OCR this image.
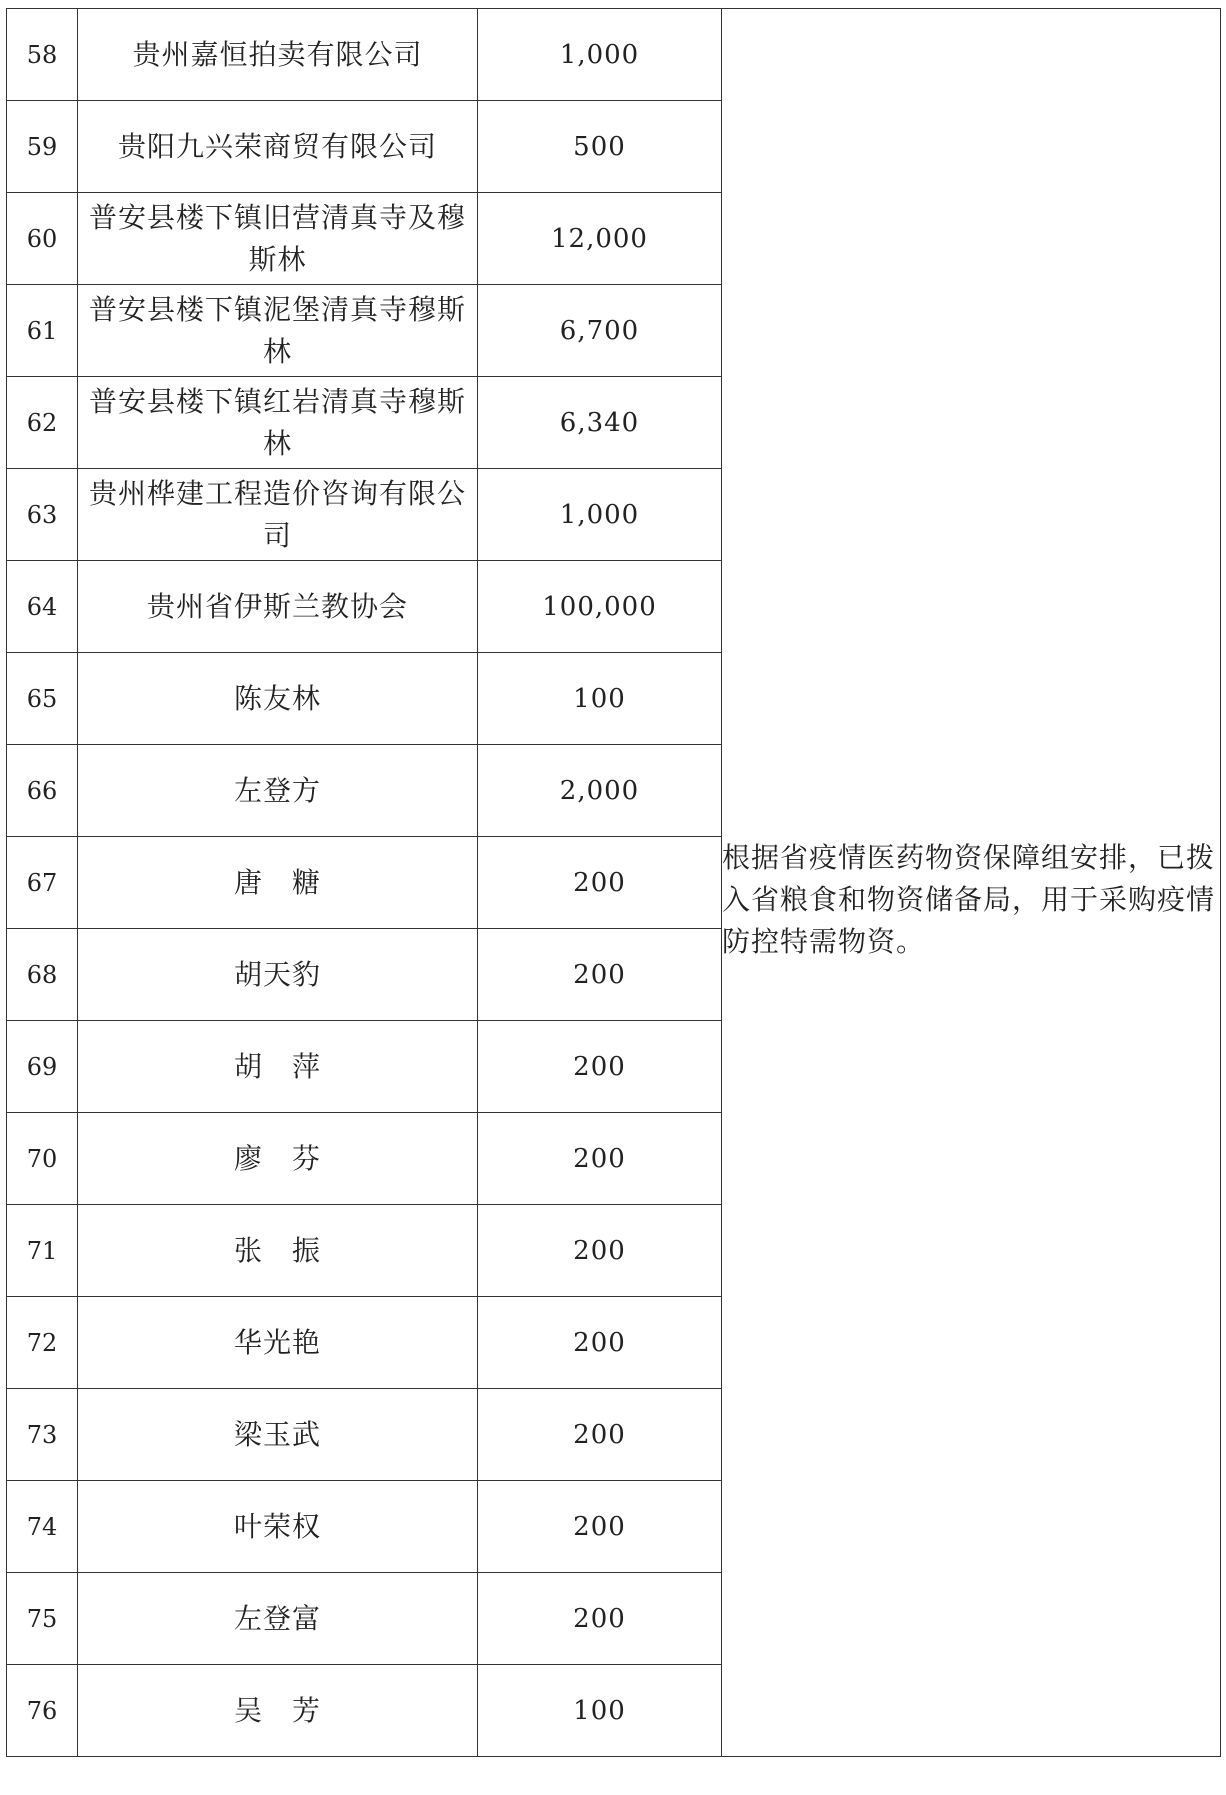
58	贵州嘉恒拍卖有限公司	1,000	根据省疫情医药物资保障组安排，已拨入省粮食和物资储备局，用于采购疫情防控特需物资。

59	贵阳九兴荣商贸有限公司	500	
60	普安县楼下镇旧营清真寺及穆斯林	12,000	
61	普安县楼下镇泥堡清真寺穆斯林	6,700	
62	普安县楼下镇红岩清真寺穆斯林	6,340	
63	贵州桦建工程造价咨询有限公司	1,000	
64	贵州省伊斯兰教协会	100,000	
65	陈友林	100	
66	左登方	2,000	
67	唐　糖	200	
68	胡天豹	200	
69	胡　萍	200	
70	廖　芬	200	
71	张　振	200	
72	华光艳	200	
73	梁玉武	200	
74	叶荣权	200	
75	左登富	200	
76	吴　芳	100	
